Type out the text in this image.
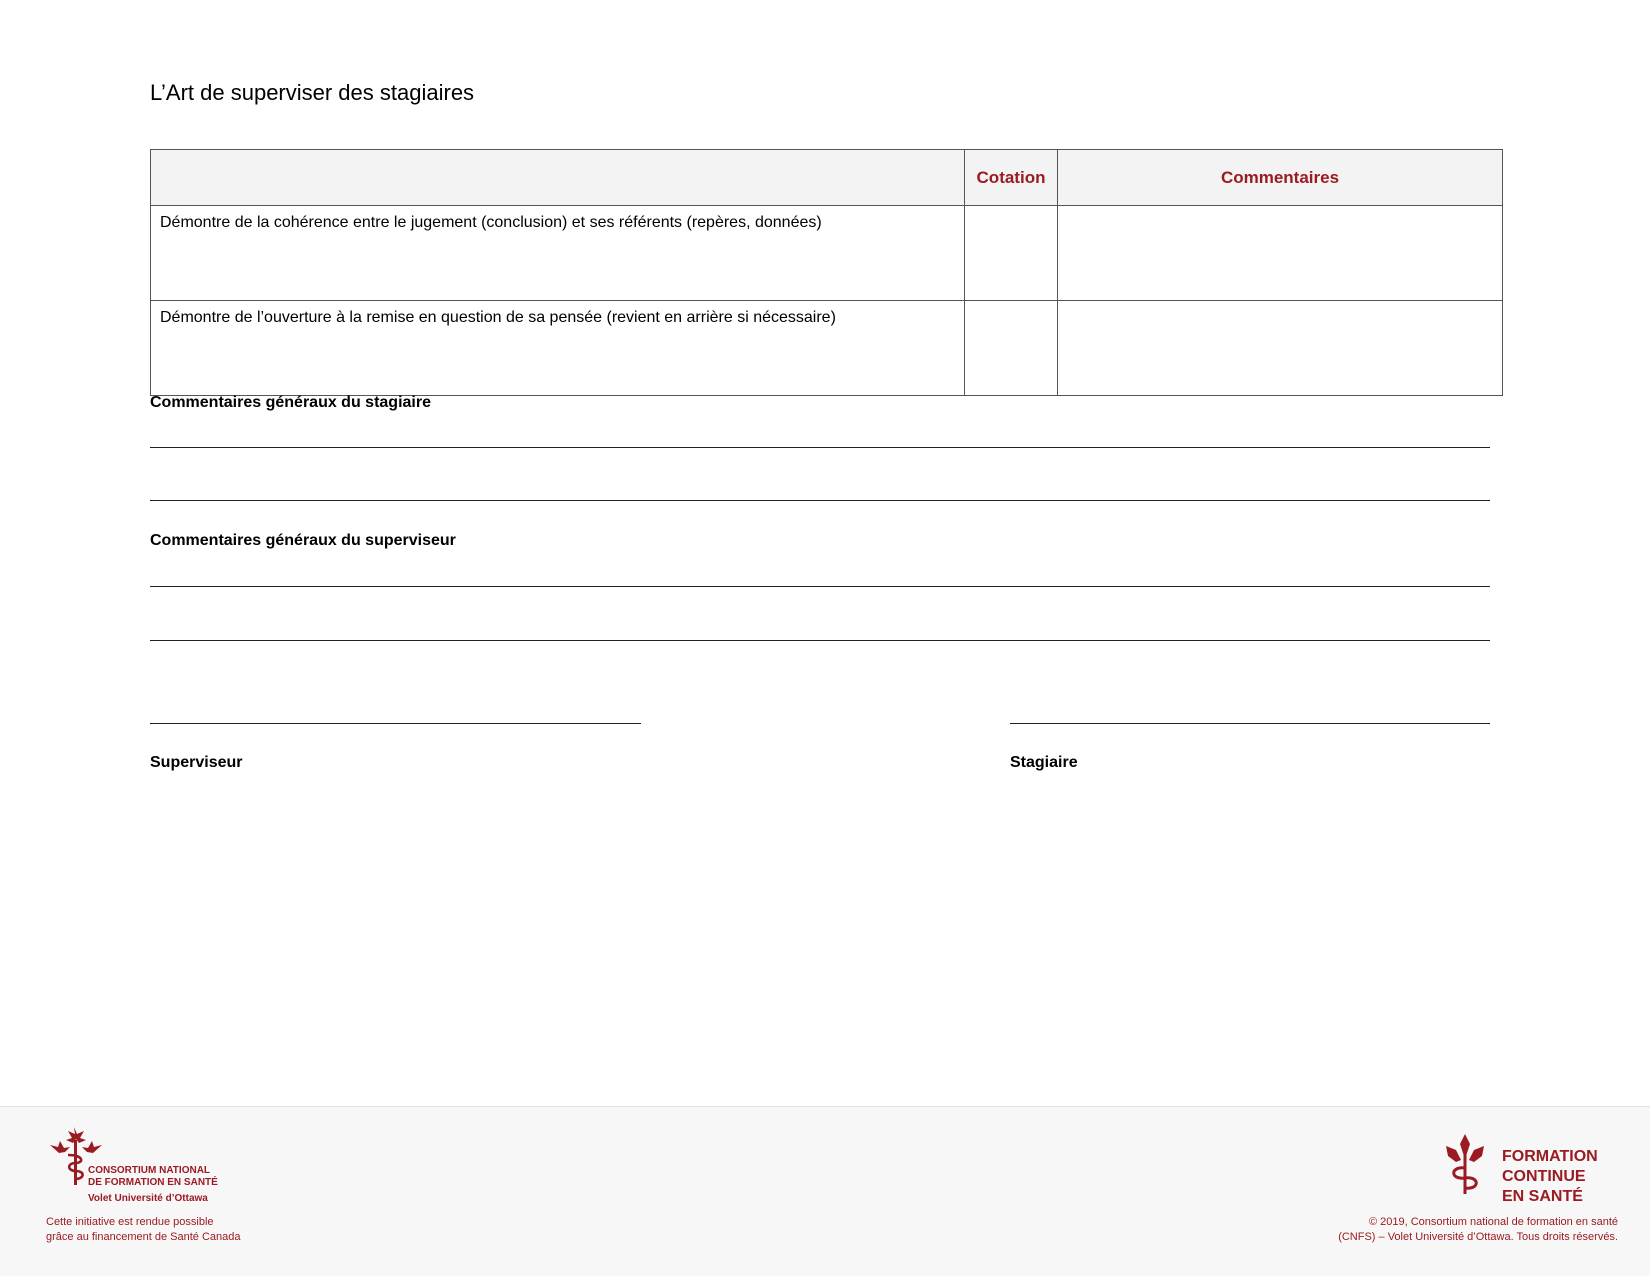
L’Art de superviser des stagiaires
	Cotation	Commentaires
Démontre de la cohérence entre le jugement (conclusion) et ses référents (repères, données)		
Démontre de l’ouverture à la remise en question de sa pensée (revient en arrière si nécessaire)		

Commentaires généraux du stagiaire

Commentaires généraux du superviseur

Superviseur	Stagiaire
CONSORTIUM NATIONAL
DE FORMATION EN SANTÉ
Volet Université d’Ottawa
Cette initiative est rendue possible
grâce au financement de Santé Canada
FORMATION
CONTINUE
EN SANTÉ
© 2019, Consortium national de formation en santé
(CNFS) – Volet Université d’Ottawa. Tous droits réservés.
